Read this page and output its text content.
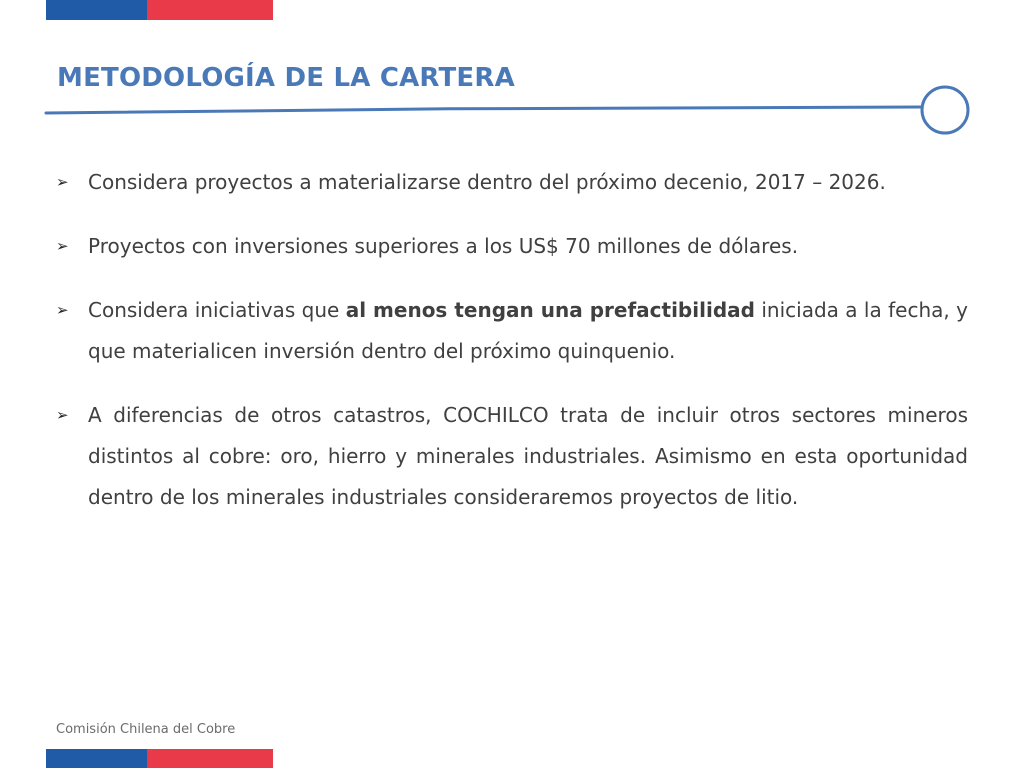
METODOLOGÍA DE LA CARTERA
➢ Considera proyectos a materializarse dentro del próximo decenio, 2017 – 2026.
➢ Proyectos con inversiones superiores a los US$ 70 millones de dólares.
➢ Considera iniciativas que al menos tengan una prefactibilidad iniciada a la fecha, y que materialicen inversión dentro del próximo quinquenio.
➢ A diferencias de otros catastros, COCHILCO trata de incluir otros sectores mineros distintos al cobre: oro, hierro y minerales industriales. Asimismo en esta oportunidad dentro de los minerales industriales consideraremos proyectos de litio.
Comisión Chilena del Cobre
